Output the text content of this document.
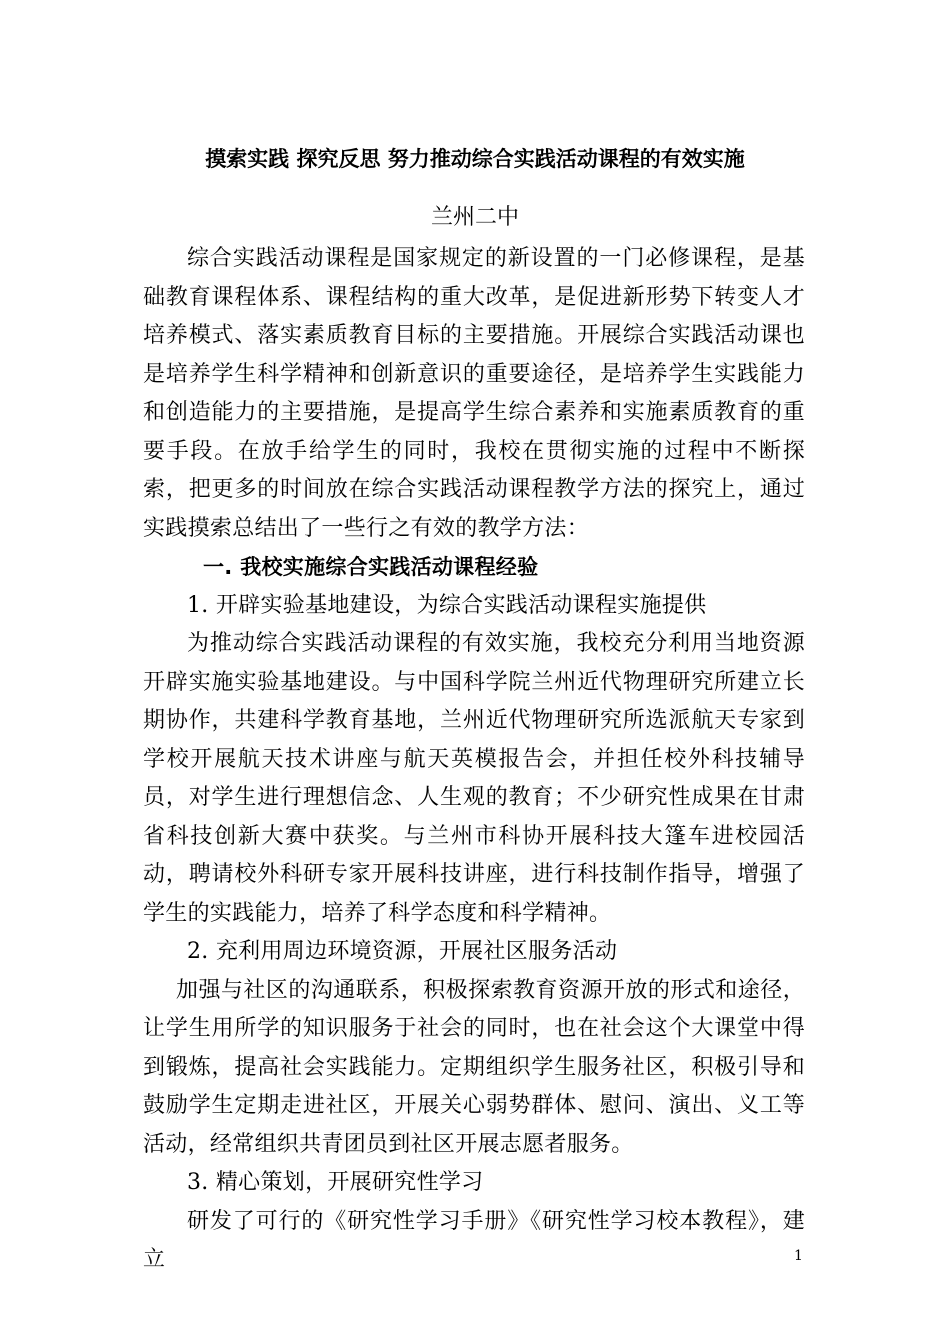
摸索实践 探究反思 努力推动综合实践活动课程的有效实施
兰州二中

综合实践活动课程是国家规定的新设置的一门必修课程，是基础教育课程体系、课程结构的重大改革，是促进新形势下转变人才培养模式、落实素质教育目标的主要措施。开展综合实践活动课也是培养学生科学精神和创新意识的重要途径，是培养学生实践能力和创造能力的主要措施，是提高学生综合素养和实施素质教育的重要手段。在放手给学生的同时，我校在贯彻实施的过程中不断探索，把更多的时间放在综合实践活动课程教学方法的探究上，通过实践摸索总结出了一些行之有效的教学方法：

一. 我校实施综合实践活动课程经验

1. 开辟实验基地建设，为综合实践活动课程实施提供

为推动综合实践活动课程的有效实施，我校充分利用当地资源开辟实施实验基地建设。与中国科学院兰州近代物理研究所建立长期协作，共建科学教育基地，兰州近代物理研究所选派航天专家到学校开展航天技术讲座与航天英模报告会，并担任校外科技辅导员，对学生进行理想信念、人生观的教育；不少研究性成果在甘肃省科技创新大赛中获奖。与兰州市科协开展科技大篷车进校园活动，聘请校外科研专家开展科技讲座，进行科技制作指导，增强了学生的实践能力，培养了科学态度和科学精神。

2. 充利用周边环境资源，开展社区服务活动

加强与社区的沟通联系，积极探索教育资源开放的形式和途径，让学生用所学的知识服务于社会的同时，也在社会这个大课堂中得到锻炼，提高社会实践能力。定期组织学生服务社区，积极引导和鼓励学生定期走进社区，开展关心弱势群体、慰问、演出、义工等活动，经常组织共青团员到社区开展志愿者服务。

3. 精心策划，开展研究性学习

研发了可行的《研究性学习手册》《研究性学习校本教程》，建立	1
